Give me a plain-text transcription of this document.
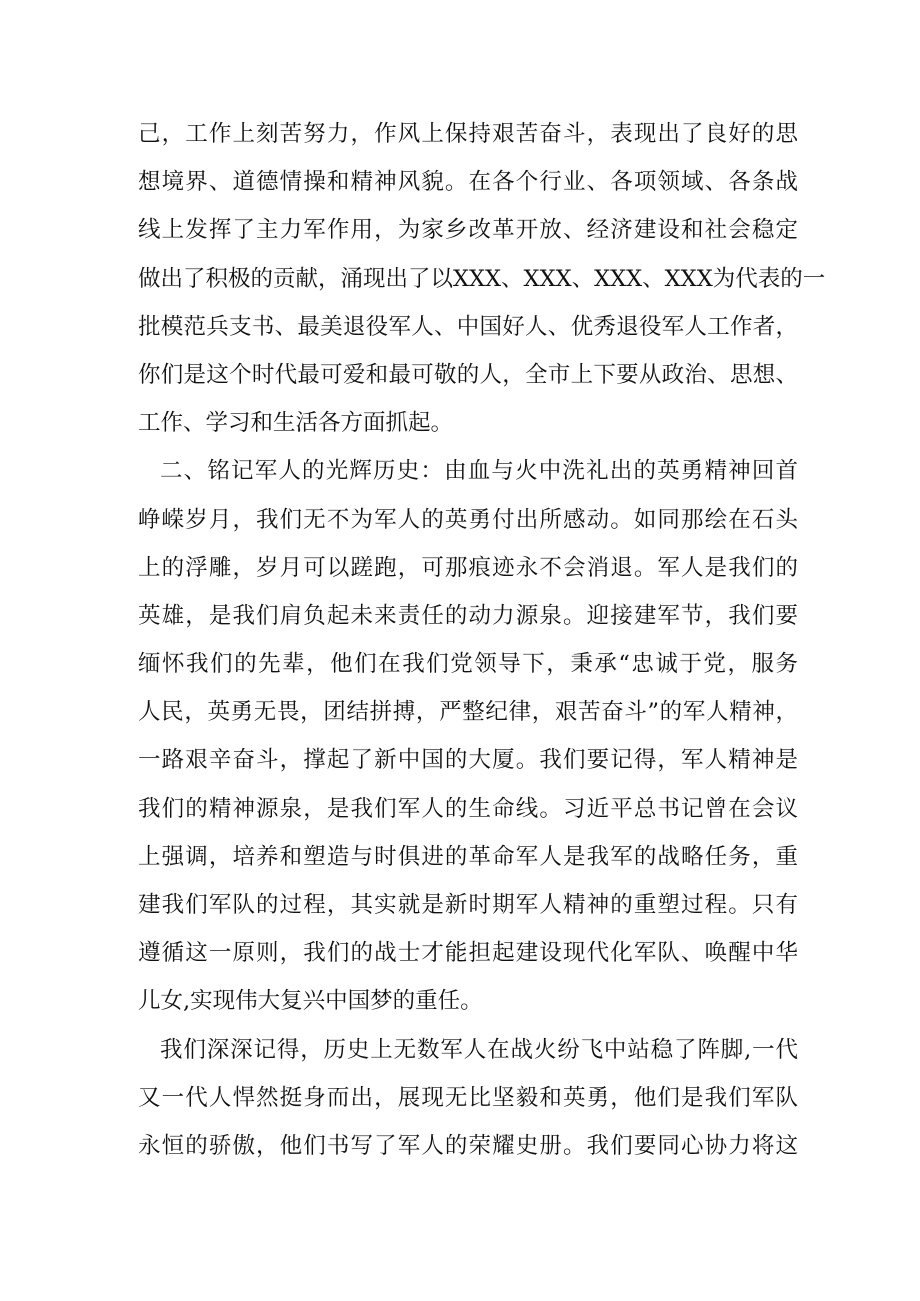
己，工作上刻苦努力，作风上保持艰苦奋斗，表现出了良好的思
想境界、道德情操和精神风貌。在各个行业、各项领域、各条战
线上发挥了主力军作用，为家乡改革开放、经济建设和社会稳定
做出了积极的贡献，涌现出了以XXX、XXX、XXX、XXX为代表的一
批模范兵支书、最美退役军人、中国好人、优秀退役军人工作者，
你们是这个时代最可爱和最可敬的人，全市上下要从政治、思想、
工作、学习和生活各方面抓起。
二、铭记军人的光辉历史：由血与火中洗礼出的英勇精神回首
峥嵘岁月，我们无不为军人的英勇付出所感动。如同那绘在石头
上的浮雕，岁月可以蹉跑，可那痕迹永不会消退。军人是我们的
英雄，是我们肩负起未来责任的动力源泉。迎接建军节，我们要
缅怀我们的先辈，他们在我们党领导下，秉承“忠诚于党，服务
人民，英勇无畏，团结拼搏，严整纪律，艰苦奋斗”的军人精神，
一路艰辛奋斗，撑起了新中国的大厦。我们要记得，军人精神是
我们的精神源泉，是我们军人的生命线。习近平总书记曾在会议
上强调，培养和塑造与时俱进的革命军人是我军的战略任务，重
建我们军队的过程，其实就是新时期军人精神的重塑过程。只有
遵循这一原则，我们的战士才能担起建设现代化军队、唤醒中华
儿女,实现伟大复兴中国梦的重任。
我们深深记得，历史上无数军人在战火纷飞中站稳了阵脚,一代
又一代人悍然挺身而出，展现无比坚毅和英勇，他们是我们军队
永恒的骄傲，他们书写了军人的荣耀史册。我们要同心协力将这
